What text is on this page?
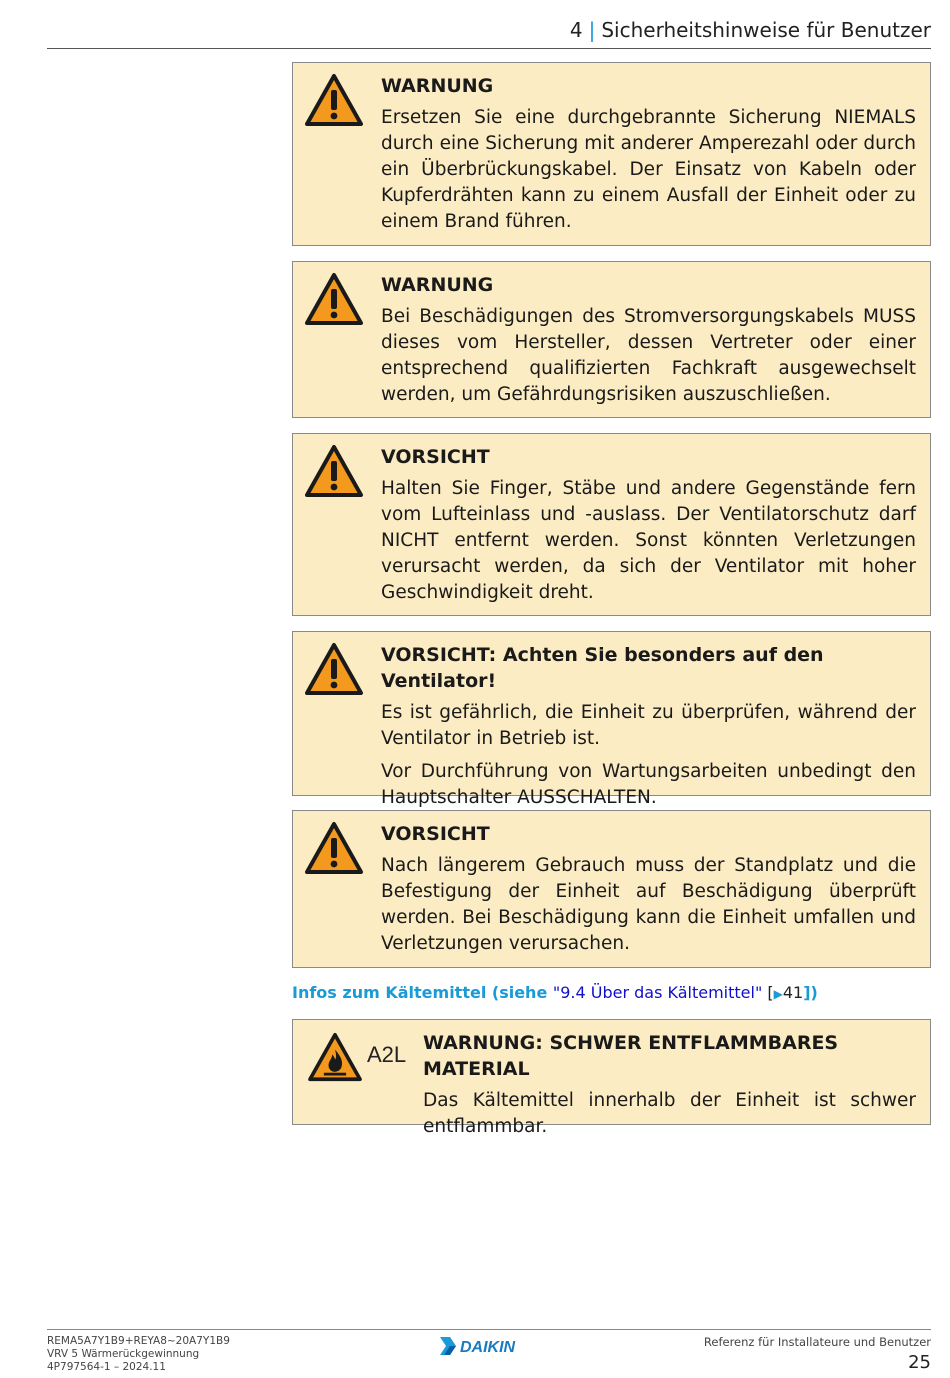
4 | Sicherheitshinweise für Benutzer
WARNUNG
Ersetzen Sie eine durchgebrannte Sicherung NIEMALS durch eine Sicherung mit anderer Amperezahl oder durch ein Überbrückungskabel. Der Einsatz von Kabeln oder Kupferdrähten kann zu einem Ausfall der Einheit oder zu einem Brand führen.
WARNUNG
Bei Beschädigungen des Stromversorgungskabels MUSS dieses vom Hersteller, dessen Vertreter oder einer entsprechend qualifizierten Fachkraft ausgewechselt werden, um Gefährdungsrisiken auszuschließen.
VORSICHT
Halten Sie Finger, Stäbe und andere Gegenstände fern vom Lufteinlass und -auslass. Der Ventilatorschutz darf NICHT entfernt werden. Sonst könnten Verletzungen verursacht werden, da sich der Ventilator mit hoher Geschwindigkeit dreht.
VORSICHT: Achten Sie besonders auf den Ventilator!
Es ist gefährlich, die Einheit zu überprüfen, während der Ventilator in Betrieb ist.
Vor Durchführung von Wartungsarbeiten unbedingt den Hauptschalter AUSSCHALTEN.
VORSICHT
Nach längerem Gebrauch muss der Standplatz und die Befestigung der Einheit auf Beschädigung überprüft werden. Bei Beschädigung kann die Einheit umfallen und Verletzungen verursachen.
Infos zum Kältemittel (siehe "9.4 Über das Kältemittel" [▶41])
A2L WARNUNG: SCHWER ENTFLAMMBARES MATERIAL
Das Kältemittel innerhalb der Einheit ist schwer entflammbar.
REMA5A7Y1B9+REYA8~20A7Y1B9
VRV 5 Wärmerückgewinnung
4P797564-1 – 2024.11
DAIKIN	Referenz für Installateure und Benutzer
25
